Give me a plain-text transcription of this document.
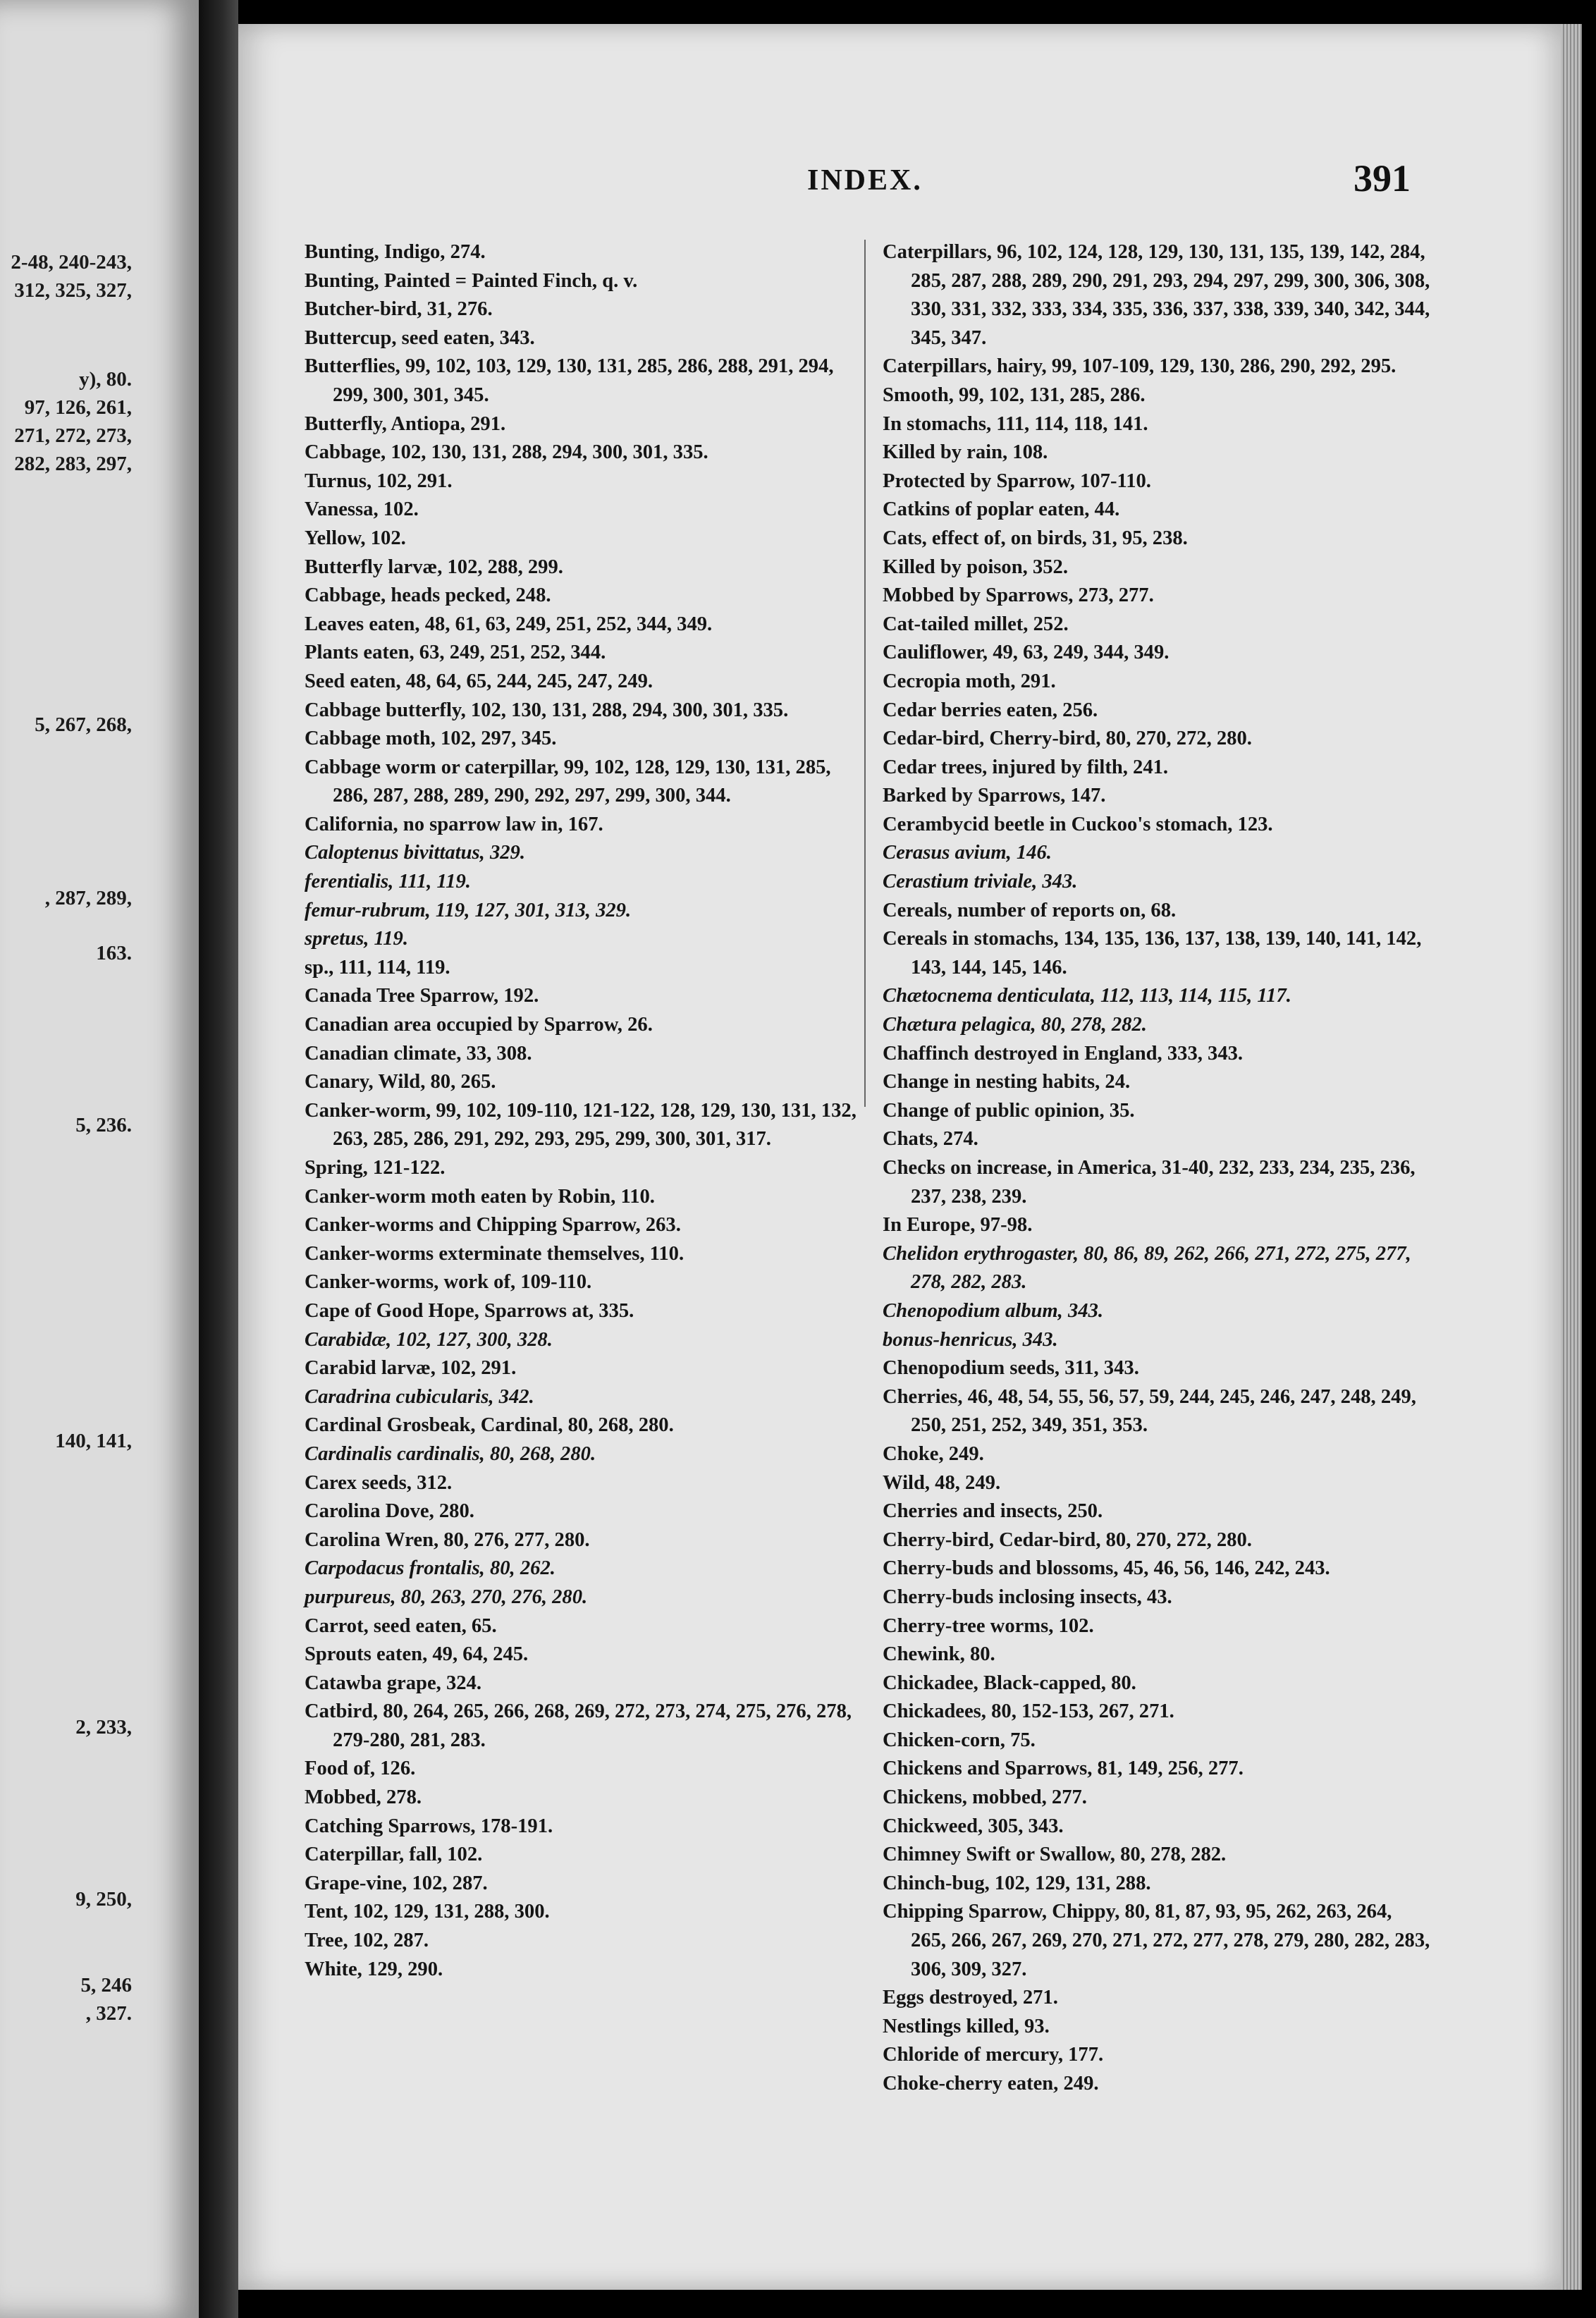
2-48, 240-243,
312, 325, 327,
y), 80.
97, 126, 261,
271, 272, 273,
282, 283, 297,
5, 267, 268,
, 287, 289,
163.
5, 236.
140, 141,
2, 233,
9, 250,
5, 246
, 327.
INDEX.	391
Bunting, Indigo, 274.
Bunting, Painted = Painted Finch, q. v.
Butcher-bird, 31, 276.
Buttercup, seed eaten, 343.
Butterflies, 99, 102, 103, 129, 130, 131, 285, 286, 288, 291, 294, 299, 300, 301, 345.
Butterfly, Antiopa, 291.
Cabbage, 102, 130, 131, 288, 294, 300, 301, 335.
Turnus, 102, 291.
Vanessa, 102.
Yellow, 102.
Butterfly larvæ, 102, 288, 299.
Cabbage, heads pecked, 248.
Leaves eaten, 48, 61, 63, 249, 251, 252, 344, 349.
Plants eaten, 63, 249, 251, 252, 344.
Seed eaten, 48, 64, 65, 244, 245, 247, 249.
Cabbage butterfly, 102, 130, 131, 288, 294, 300, 301, 335.
Cabbage moth, 102, 297, 345.
Cabbage worm or caterpillar, 99, 102, 128, 129, 130, 131, 285, 286, 287, 288, 289, 290, 292, 297, 299, 300, 344.
California, no sparrow law in, 167.
Caloptenus bivittatus, 329.
ferentialis, 111, 119.
femur-rubrum, 119, 127, 301, 313, 329.
spretus, 119.
sp., 111, 114, 119.
Canada Tree Sparrow, 192.
Canadian area occupied by Sparrow, 26.
Canadian climate, 33, 308.
Canary, Wild, 80, 265.
Canker-worm, 99, 102, 109-110, 121-122, 128, 129, 130, 131, 132, 263, 285, 286, 291, 292, 293, 295, 299, 300, 301, 317.
Spring, 121-122.
Canker-worm moth eaten by Robin, 110.
Canker-worms and Chipping Sparrow, 263.
Canker-worms exterminate themselves, 110.
Canker-worms, work of, 109-110.
Cape of Good Hope, Sparrows at, 335.
Carabidæ, 102, 127, 300, 328.
Carabid larvæ, 102, 291.
Caradrina cubicularis, 342.
Cardinal Grosbeak, Cardinal, 80, 268, 280.
Cardinalis cardinalis, 80, 268, 280.
Carex seeds, 312.
Carolina Dove, 280.
Carolina Wren, 80, 276, 277, 280.
Carpodacus frontalis, 80, 262.
purpureus, 80, 263, 270, 276, 280.
Carrot, seed eaten, 65.
Sprouts eaten, 49, 64, 245.
Catawba grape, 324.
Catbird, 80, 264, 265, 266, 268, 269, 272, 273, 274, 275, 276, 278, 279-280, 281, 283.
Food of, 126.
Mobbed, 278.
Catching Sparrows, 178-191.
Caterpillar, fall, 102.
Grape-vine, 102, 287.
Tent, 102, 129, 131, 288, 300.
Tree, 102, 287.
White, 129, 290.
Caterpillars, 96, 102, 124, 128, 129, 130, 131, 135, 139, 142, 284, 285, 287, 288, 289, 290, 291, 293, 294, 297, 299, 300, 306, 308, 330, 331, 332, 333, 334, 335, 336, 337, 338, 339, 340, 342, 344, 345, 347.
Caterpillars, hairy, 99, 107-109, 129, 130, 286, 290, 292, 295.
Smooth, 99, 102, 131, 285, 286.
In stomachs, 111, 114, 118, 141.
Killed by rain, 108.
Protected by Sparrow, 107-110.
Catkins of poplar eaten, 44.
Cats, effect of, on birds, 31, 95, 238.
Killed by poison, 352.
Mobbed by Sparrows, 273, 277.
Cat-tailed millet, 252.
Cauliflower, 49, 63, 249, 344, 349.
Cecropia moth, 291.
Cedar berries eaten, 256.
Cedar-bird, Cherry-bird, 80, 270, 272, 280.
Cedar trees, injured by filth, 241.
Barked by Sparrows, 147.
Cerambycid beetle in Cuckoo's stomach, 123.
Cerasus avium, 146.
Cerastium triviale, 343.
Cereals, number of reports on, 68.
Cereals in stomachs, 134, 135, 136, 137, 138, 139, 140, 141, 142, 143, 144, 145, 146.
Chætocnema denticulata, 112, 113, 114, 115, 117.
Chætura pelagica, 80, 278, 282.
Chaffinch destroyed in England, 333, 343.
Change in nesting habits, 24.
Change of public opinion, 35.
Chats, 274.
Checks on increase, in America, 31-40, 232, 233, 234, 235, 236, 237, 238, 239.
In Europe, 97-98.
Chelidon erythrogaster, 80, 86, 89, 262, 266, 271, 272, 275, 277, 278, 282, 283.
Chenopodium album, 343.
bonus-henricus, 343.
Chenopodium seeds, 311, 343.
Cherries, 46, 48, 54, 55, 56, 57, 59, 244, 245, 246, 247, 248, 249, 250, 251, 252, 349, 351, 353.
Choke, 249.
Wild, 48, 249.
Cherries and insects, 250.
Cherry-bird, Cedar-bird, 80, 270, 272, 280.
Cherry-buds and blossoms, 45, 46, 56, 146, 242, 243.
Cherry-buds inclosing insects, 43.
Cherry-tree worms, 102.
Chewink, 80.
Chickadee, Black-capped, 80.
Chickadees, 80, 152-153, 267, 271.
Chicken-corn, 75.
Chickens and Sparrows, 81, 149, 256, 277.
Chickens, mobbed, 277.
Chickweed, 305, 343.
Chimney Swift or Swallow, 80, 278, 282.
Chinch-bug, 102, 129, 131, 288.
Chipping Sparrow, Chippy, 80, 81, 87, 93, 95, 262, 263, 264, 265, 266, 267, 269, 270, 271, 272, 277, 278, 279, 280, 282, 283, 306, 309, 327.
Eggs destroyed, 271.
Nestlings killed, 93.
Chloride of mercury, 177.
Choke-cherry eaten, 249.
